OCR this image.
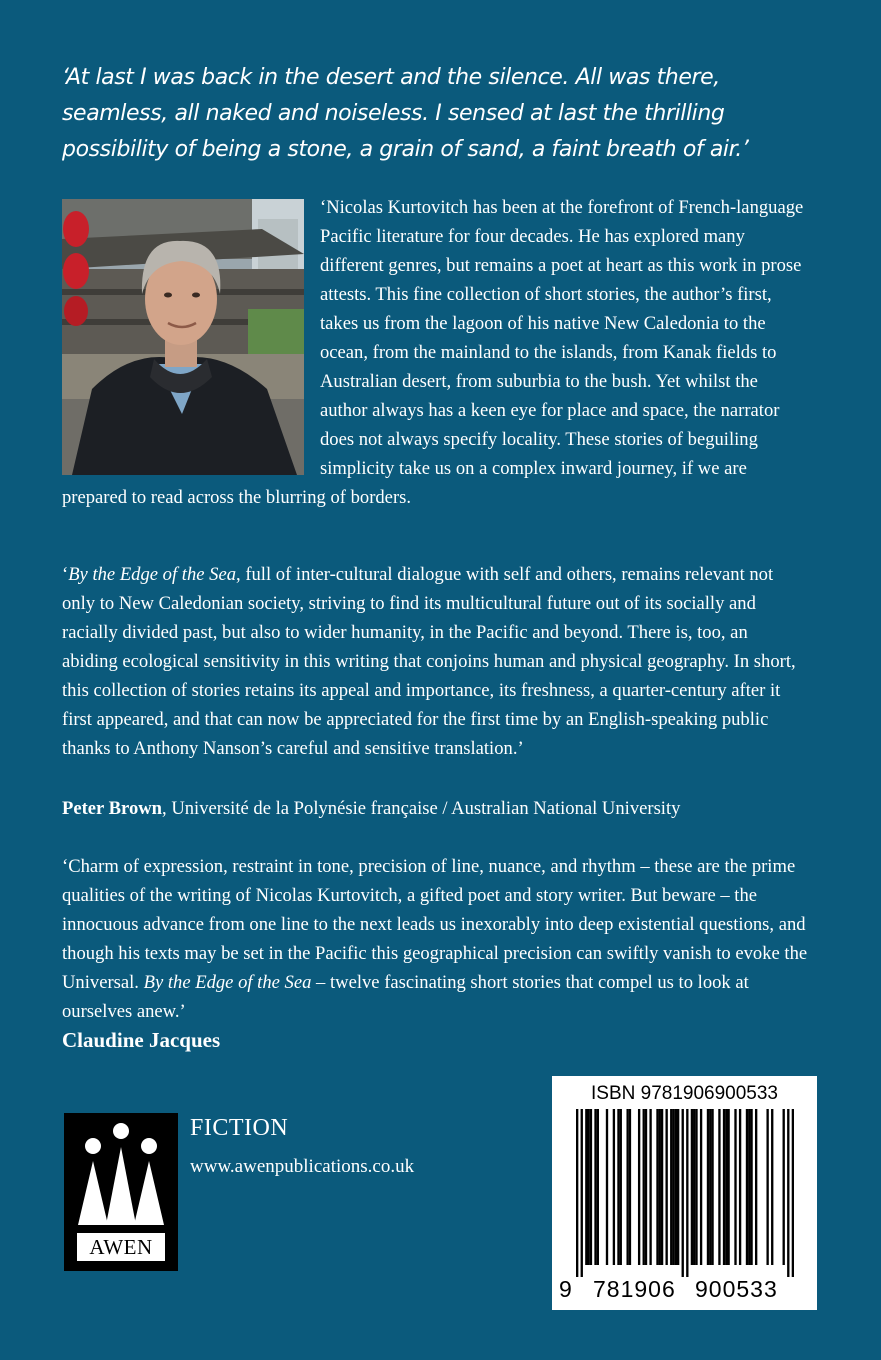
‘At last I was back in the desert and the silence. All was there, seamless, all naked and noiseless. I sensed at last the thrilling possibility of being a stone, a grain of sand, a faint breath of air.’

‘Nicolas Kurtovitch has been at the forefront of French-language Pacific literature for four decades. He has explored many different genres, but remains a poet at heart as this work in prose attests. This fine collection of short stories, the author’s first, takes us from the lagoon of his native New Caledonia to the ocean, from the mainland to the islands, from Kanak fields to Australian desert, from suburbia to the bush. Yet whilst the author always has a keen eye for place and space, the narrator does not always specify locality. These stories of beguiling simplicity take us on a complex inward journey, if we are prepared to read across the blurring of borders.

‘By the Edge of the Sea, full of inter-cultural dialogue with self and others, remains relevant not only to New Caledonian society, striving to find its multicultural future out of its socially and racially divided past, but also to wider humanity, in the Pacific and beyond. There is, too, an abiding ecological sensitivity in this writing that conjoins human and physical geography. In short, this collection of stories retains its appeal and importance, its freshness, a quarter-century after it first appeared, and that can now be appreciated for the first time by an English-speaking public thanks to Anthony Nanson’s careful and sensitive translation.’

Peter Brown, Université de la Polynésie française / Australian National University

‘Charm of expression, restraint in tone, precision of line, nuance, and rhythm – these are the prime qualities of the writing of Nicolas Kurtovitch, a gifted poet and story writer. But beware – the innocuous advance from one line to the next leads us inexorably into deep existential questions, and though his texts may be set in the Pacific this geographical precision can swiftly vanish to evoke the Universal. By the Edge of the Sea – twelve fascinating short stories that compel us to look at ourselves anew.’

Claudine Jacques

AWEN

FICTION

www.awenpublications.co.uk

ISBN 9781906900533
9 781906 900533
